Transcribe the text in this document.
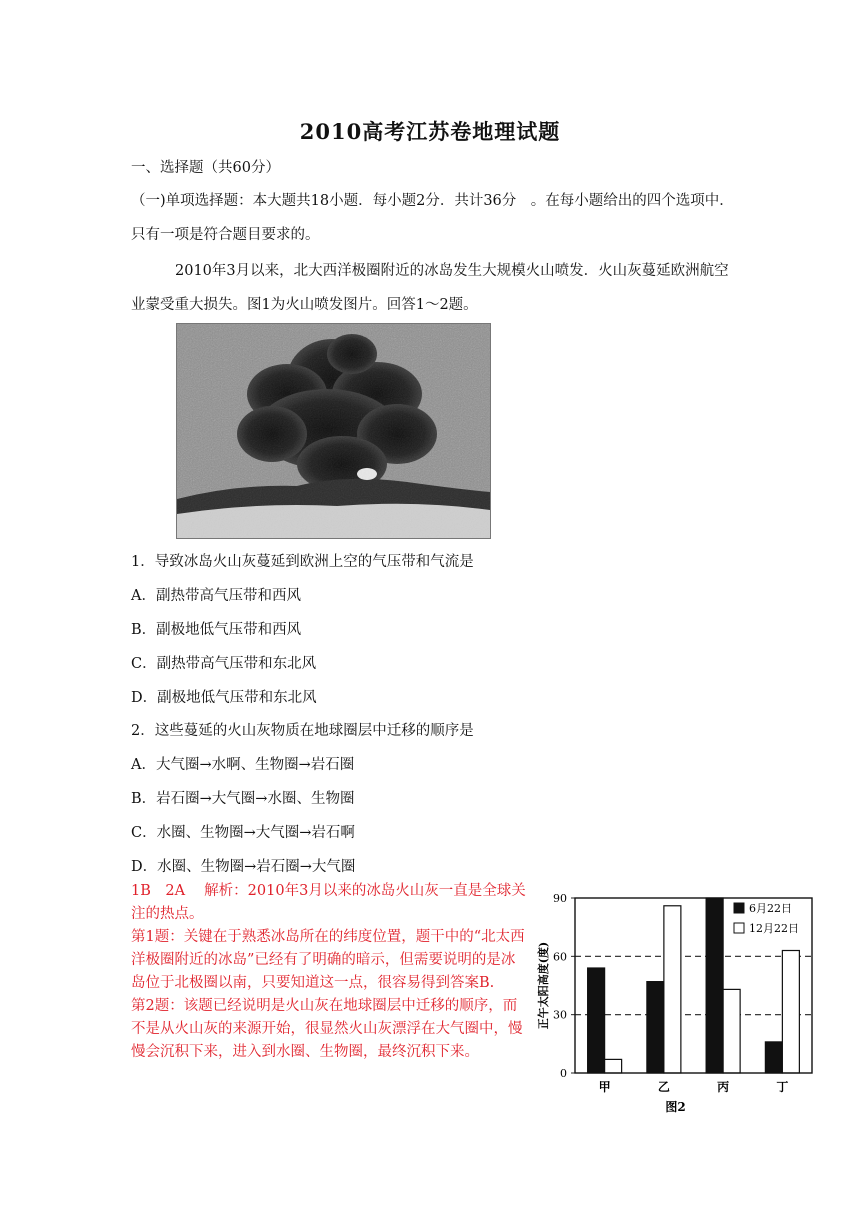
2010高考江苏卷地理试题
一、选择题（共60分）
（一)单项选择题：本大题共18小题．每小题2分．共计36分　。在每小题给出的四个选项中．只有一项是符合题目要求的。
2010年3月以来，北大西洋极圈附近的冰岛发生大规模火山喷发．火山灰蔓延欧洲航空业蒙受重大损失。图1为火山喷发图片。回答1～2题。
1．导致冰岛火山灰蔓延到欧洲上空的气压带和气流是
A．副热带高气压带和西风
B．副极地低气压带和西风
C．副热带高气压带和东北风
D．副极地低气压带和东北风
2．这些蔓延的火山灰物质在地球圈层中迁移的顺序是
A．大气圈→水啊、生物圈→岩石圈
B．岩石圈→大气圈→水圈、生物圈
C．水圈、生物圈→大气圈→岩石啊
D．水圈、生物圈→岩石圈→大气圈

1B　2A　 解析：2010年3月以来的冰岛火山灰一直是全球关注的热点。

第1题：关键在于熟悉冰岛所在的纬度位置，题干中的“北太西洋极圈附近的冰岛”已经有了明确的暗示，但需要说明的是冰岛位于北极圈以南，只要知道这一点，很容易得到答案B.

第2题：该题已经说明是火山灰在地球圈层中迁移的顺序，而不是从火山灰的来源开始，很显然火山灰漂浮在大气圈中，慢慢会沉积下来，进入到水圈、生物圈，最终沉积下来。

0
30
60
90
甲	乙	丙	丁
正午太阳高度(度)
6月22日
12月22日
图2
